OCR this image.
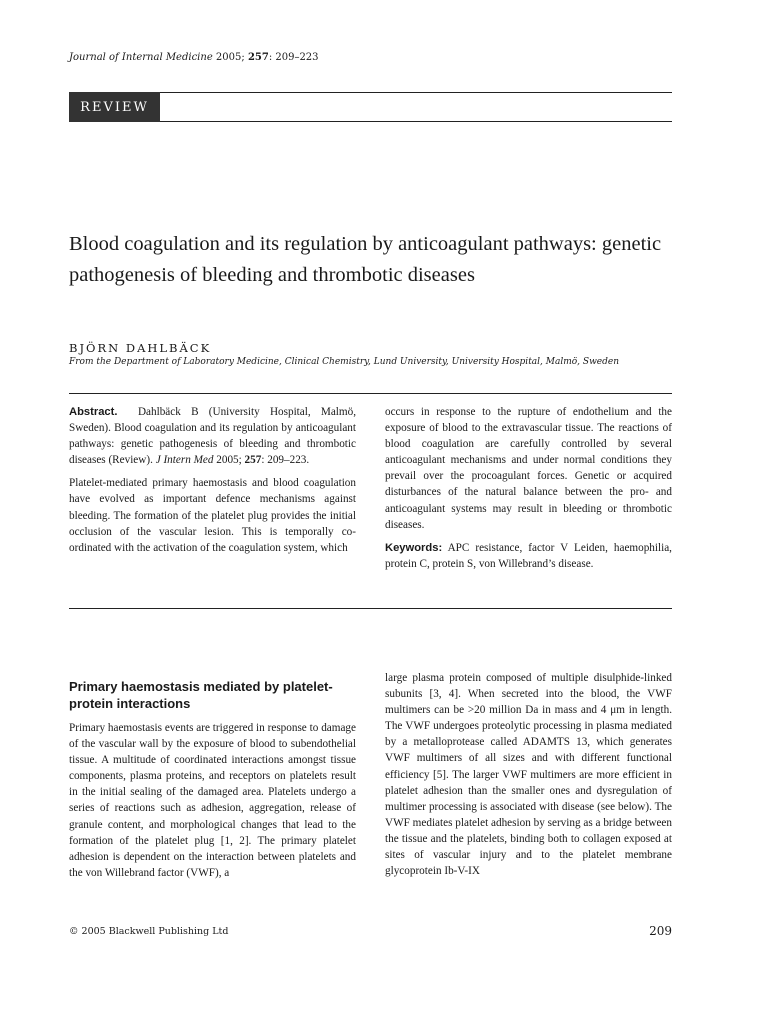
Journal of Internal Medicine 2005; 257: 209–223
REVIEW
Blood coagulation and its regulation by anticoagulant pathways: genetic pathogenesis of bleeding and thrombotic diseases
BJÖRN DAHLBÄCK
From the Department of Laboratory Medicine, Clinical Chemistry, Lund University, University Hospital, Malmö, Sweden

Abstract. Dahlbäck B (University Hospital, Malmö, Sweden). Blood coagulation and its regulation by anticoagulant pathways: genetic pathogenesis of bleeding and thrombotic diseases (Review). J Intern Med 2005; 257: 209–223.

Platelet-mediated primary haemostasis and blood coagulation have evolved as important defence mechanisms against bleeding. The formation of the platelet plug provides the initial occlusion of the vascular lesion. This is temporally co-ordinated with the activation of the coagulation system, which

occurs in response to the rupture of endothelium and the exposure of blood to the extravascular tissue. The reactions of blood coagulation are carefully controlled by several anticoagulant mechanisms and under normal conditions they prevail over the procoagulant forces. Genetic or acquired disturbances of the natural balance between the pro- and anticoagulant systems may result in bleeding or thrombotic diseases.

Keywords: APC resistance, factor V Leiden, haemophilia, protein C, protein S, von Willebrand’s disease.

Primary haemostasis mediated by platelet-protein interactions

Primary haemostasis events are triggered in response to damage of the vascular wall by the exposure of blood to subendothelial tissue. A multitude of coordinated interactions amongst tissue components, plasma proteins, and receptors on platelets result in the initial sealing of the damaged area. Platelets undergo a series of reactions such as adhesion, aggregation, release of granule content, and morphological changes that lead to the formation of the platelet plug [1, 2]. The primary platelet adhesion is dependent on the interaction between platelets and the von Willebrand factor (VWF), a

large plasma protein composed of multiple disulphide-linked subunits [3, 4]. When secreted into the blood, the VWF multimers can be >20 million Da in mass and 4 μm in length. The VWF undergoes proteolytic processing in plasma mediated by a metalloprotease called ADAMTS 13, which generates VWF multimers of all sizes and with different functional efficiency [5]. The larger VWF multimers are more efficient in platelet adhesion than the smaller ones and dysregulation of multimer processing is associated with disease (see below). The VWF mediates platelet adhesion by serving as a bridge between the tissue and the platelets, binding both to collagen exposed at sites of vascular injury and to the platelet membrane glycoprotein Ib-V-IX

© 2005 Blackwell Publishing Ltd	209
